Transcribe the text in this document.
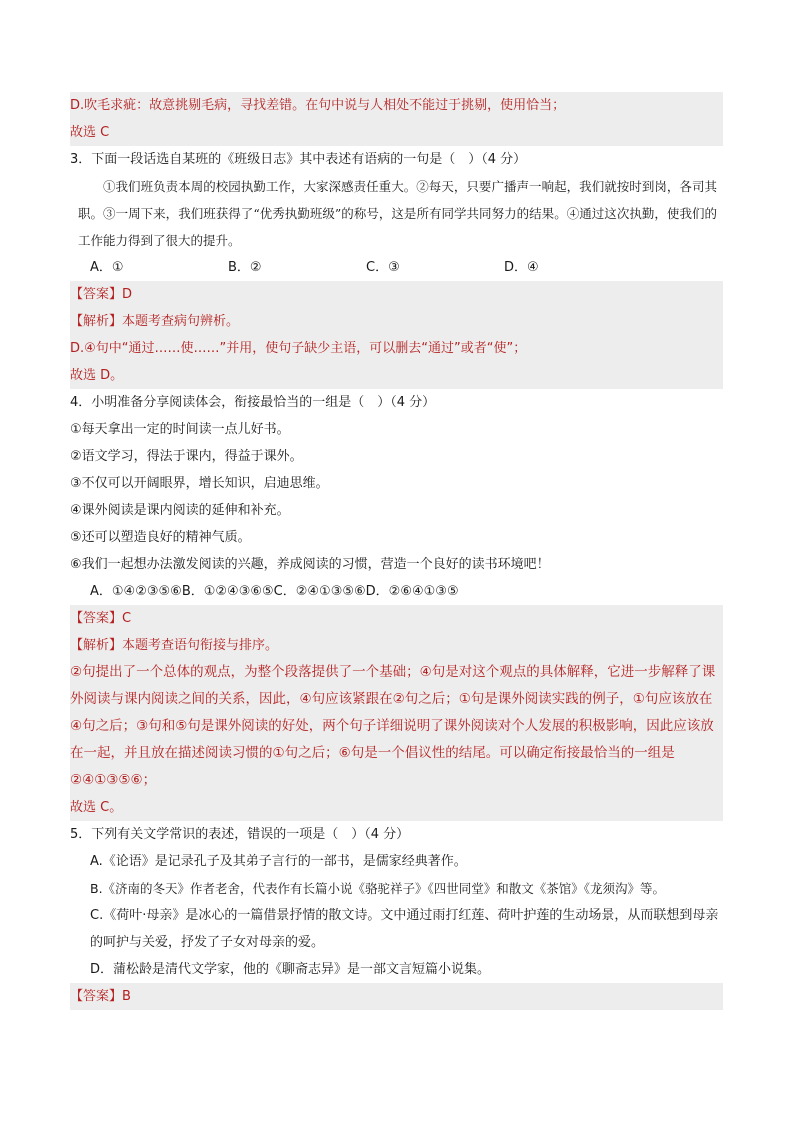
D.吹毛求疵：故意挑剔毛病，寻找差错。在句中说与人相处不能过于挑剔，使用恰当；
故选 C
3．下面一段话选自某班的《班级日志》其中表述有语病的一句是（　）（4 分）
①我们班负责本周的校园执勤工作，大家深感责任重大。②每天，只要广播声一响起，我们就按时到岗，各司其职。③一周下来，我们班获得了“优秀执勤班级”的称号，这是所有同学共同努力的结果。④通过这次执勤，使我们的工作能力得到了很大的提升。
A．①	B．②	C．③	D．④
【答案】D
【解析】本题考查病句辨析。
D.④句中“通过……使……”并用，使句子缺少主语，可以删去“通过”或者“使”；
故选 D。
4．小明准备分享阅读体会，衔接最恰当的一组是（　）（4 分）
①每天拿出一定的时间读一点儿好书。
②语文学习，得法于课内，得益于课外。
③不仅可以开阔眼界，增长知识，启迪思维。
④课外阅读是课内阅读的延伸和补充。
⑤还可以塑造良好的精神气质。
⑥我们一起想办法激发阅读的兴趣，养成阅读的习惯，营造一个良好的读书环境吧！
A．①④②③⑤⑥B．①②④③⑥⑤C．②④①③⑤⑥D．②⑥④①③⑤
【答案】C
【解析】本题考查语句衔接与排序。
②句提出了一个总体的观点，为整个段落提供了一个基础；④句是对这个观点的具体解释，它进一步解释了课外阅读与课内阅读之间的关系，因此，④句应该紧跟在②句之后；①句是课外阅读实践的例子，①句应该放在④句之后；③句和⑤句是课外阅读的好处，两个句子详细说明了课外阅读对个人发展的积极影响，因此应该放在一起，并且放在描述阅读习惯的①句之后；⑥句是一个倡议性的结尾。可以确定衔接最恰当的一组是②④①③⑤⑥；
故选 C。
5．下列有关文学常识的表述，错误的一项是（　）（4 分）
A.《论语》是记录孔子及其弟子言行的一部书，是儒家经典著作。
B.《济南的冬天》作者老舍，代表作有长篇小说《骆驼祥子》《四世同堂》和散文《茶馆》《龙须沟》等。
C.《荷叶·母亲》是冰心的一篇借景抒情的散文诗。文中通过雨打红莲、荷叶护莲的生动场景，从而联想到母亲的呵护与关爱，抒发了子女对母亲的爱。
D．蒲松龄是清代文学家，他的《聊斋志异》是一部文言短篇小说集。
【答案】B
